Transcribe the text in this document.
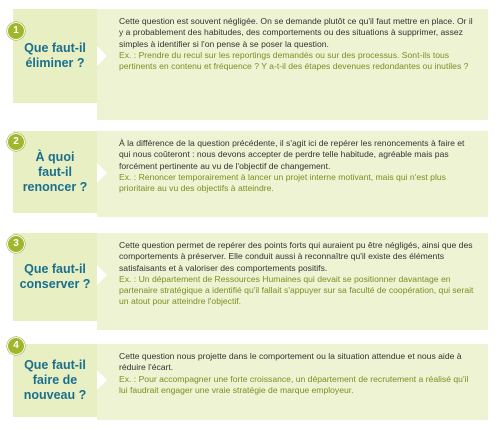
Que faut-il
éliminer ?

Cette question est souvent négligée. On se demande plutôt ce qu'il faut mettre en place. Or il y a probablement des habitudes, des comportements ou des situations à supprimer, assez simples à identifier si l'on pense à se poser la question.

Ex. : Prendre du recul sur les reportings demandés ou sur des processus. Sont-ils tous pertinents en contenu et fréquence ? Y a-t-il des étapes devenues redondantes ou inutiles ?

1
À quoi
faut-il
renoncer ?

À la différence de la question précédente, il s'agit ici de repérer les renoncements à faire et qui nous coûteront : nous devons accepter de perdre telle habitude, agréable mais pas forcément pertinente au vu de l'objectif de changement.

Ex. : Renoncer temporairement à lancer un projet interne motivant, mais qui n'est plus prioritaire au vu des objectifs à atteindre.

2
Que faut-il
conserver ?

Cette question permet de repérer des points forts qui auraient pu être négligés, ainsi que des comportements à préserver. Elle conduit aussi à reconnaître qu'il existe des éléments satisfaisants et à valoriser des comportements positifs.

Ex. : Un département de Ressources Humaines qui devait se positionner davantage en partenaire stratégique a identifié qu'il fallait s'appuyer sur sa faculté de coopération, qui serait un atout pour atteindre l'objectif.

3
Que faut-il
faire de
nouveau ?

Cette question nous projette dans le comportement ou la situation attendue et nous aide à réduire l'écart.

Ex. : Pour accompagner une forte croissance, un département de recrutement a réalisé qu'il lui faudrait engager une vraie stratégie de marque employeur.

4
